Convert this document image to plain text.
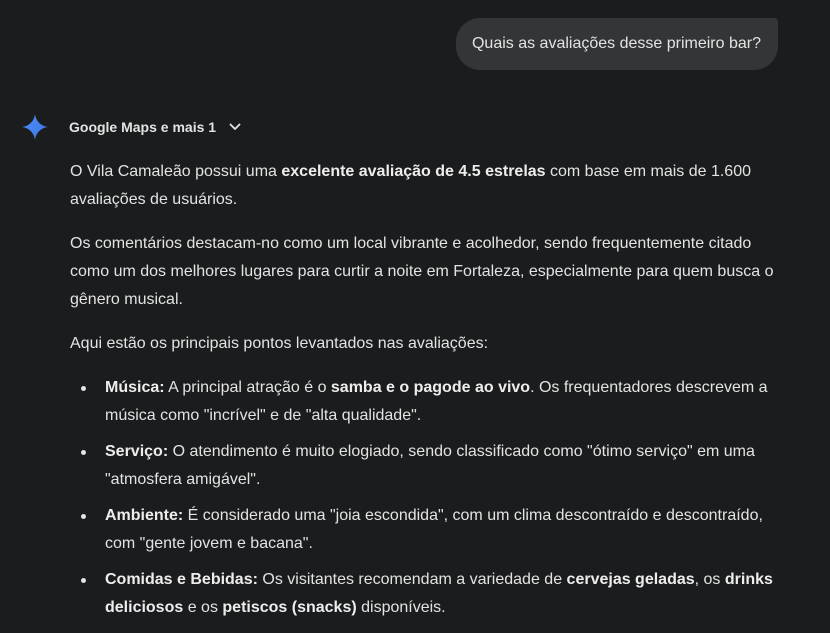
Quais as avaliações desse primeiro bar?
Google Maps e mais 1

O Vila Camaleão possui uma excelente avaliação de 4.5 estrelas com base em mais de 1.600 avaliações de usuários.

Os comentários destacam-no como um local vibrante e acolhedor, sendo frequentemente citado como um dos melhores lugares para curtir a noite em Fortaleza, especialmente para quem busca o gênero musical.

Aqui estão os principais pontos levantados nas avaliações:

Música: A principal atração é o samba e o pagode ao vivo. Os frequentadores descrevem a música como "incrível" e de "alta qualidade".
Serviço: O atendimento é muito elogiado, sendo classificado como "ótimo serviço" em uma "atmosfera amigável".
Ambiente: É considerado uma "joia escondida", com um clima descontraído e descontraído, com "gente jovem e bacana".
Comidas e Bebidas: Os visitantes recomendam a variedade de cervejas geladas, os drinks deliciosos e os petiscos (snacks) disponíveis.
